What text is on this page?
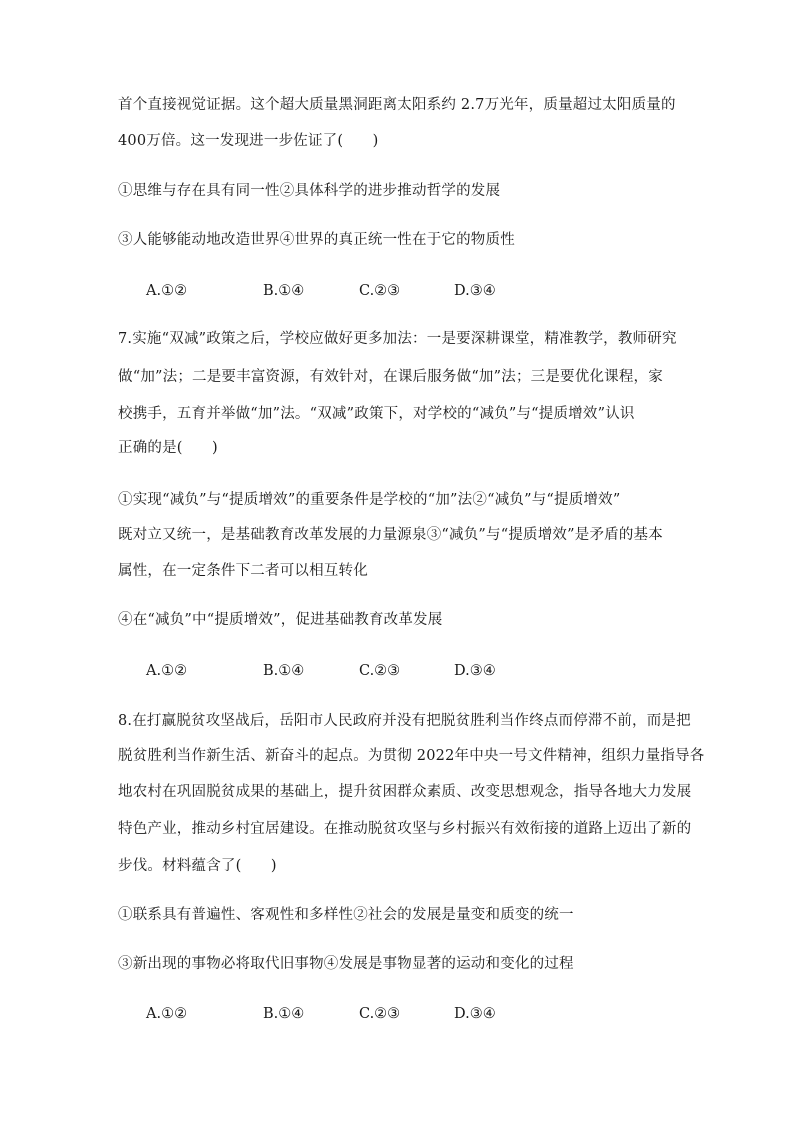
首个直接视觉证据。这个超大质量黑洞距离太阳系约 2.7万光年，质量超过太阳质量的
400万倍。这一发现进一步佐证了(　　)
①思维与存在具有同一性②具体科学的进步推动哲学的发展
③人能够能动地改造世界④世界的真正统一性在于它的物质性
A.①②	B.①④	C.②③	D.③④
7.实施“双减”政策之后，学校应做好更多加法：一是要深耕课堂，精准教学，教师研究
做“加”法；二是要丰富资源，有效针对，在课后服务做“加”法；三是要优化课程，家
校携手，五育并举做“加”法。“双减”政策下，对学校的“减负”与“提质增效”认识
正确的是(　　)
①实现“减负”与“提质增效”的重要条件是学校的“加”法②“减负”与“提质增效”
既对立又统一，是基础教育改革发展的力量源泉③“减负”与“提质增效”是矛盾的基本
属性，在一定条件下二者可以相互转化
④在“减负”中“提质增效”，促进基础教育改革发展
A.①②	B.①④	C.②③	D.③④
8.在打赢脱贫攻坚战后，岳阳市人民政府并没有把脱贫胜利当作终点而停滞不前，而是把
脱贫胜利当作新生活、新奋斗的起点。为贯彻 2022年中央一号文件精神，组织力量指导各
地农村在巩固脱贫成果的基础上，提升贫困群众素质、改变思想观念，指导各地大力发展
特色产业，推动乡村宜居建设。在推动脱贫攻坚与乡村振兴有效衔接的道路上迈出了新的
步伐。材料蕴含了(　　)
①联系具有普遍性、客观性和多样性②社会的发展是量变和质变的统一
③新出现的事物必将取代旧事物④发展是事物显著的运动和变化的过程
A.①②	B.①④	C.②③	D.③④
